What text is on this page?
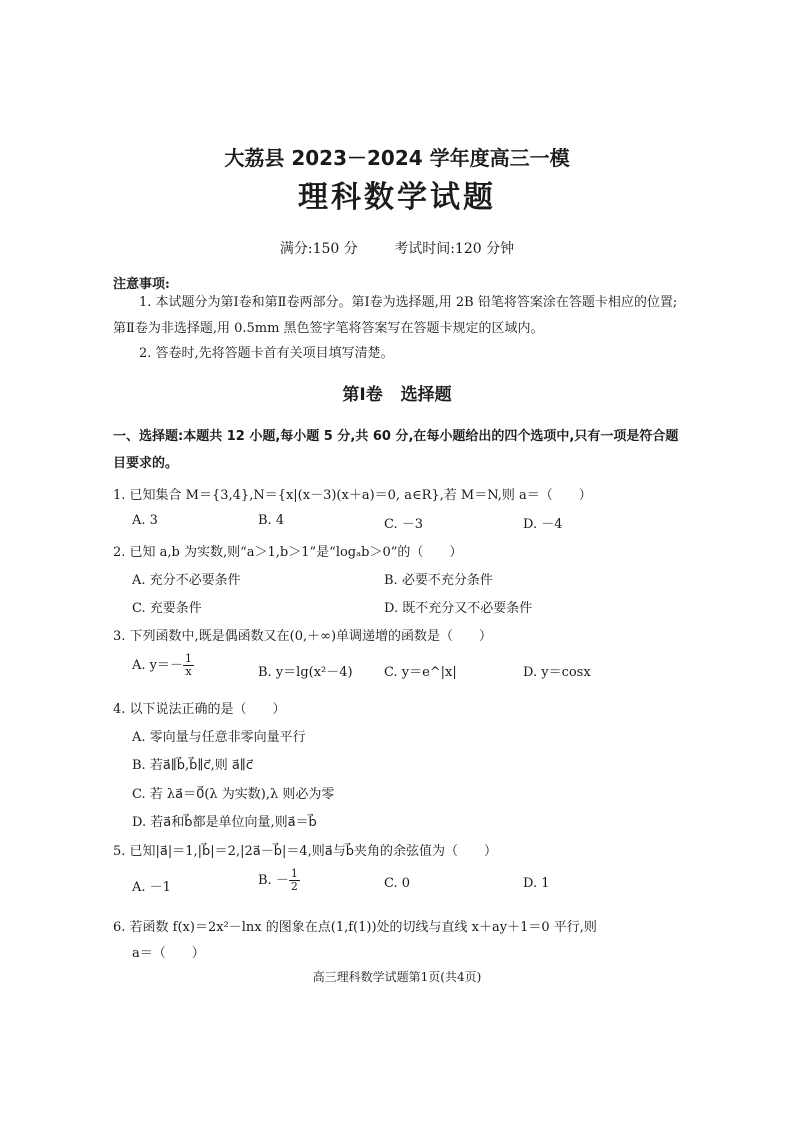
大荔县 2023－2024 学年度高三一模
理科数学试题
满分:150 分	考试时间:120 分钟
注意事项:
1. 本试题分为第Ⅰ卷和第Ⅱ卷两部分。第Ⅰ卷为选择题,用 2B 铅笔将答案涂在答题卡相应的位置;第Ⅱ卷为非选择题,用 0.5mm 黑色签字笔将答案写在答题卡规定的区域内。
2. 答卷时,先将答题卡首有关项目填写清楚。
第Ⅰ卷 选择题
一、选择题:本题共 12 小题,每小题 5 分,共 60 分,在每小题给出的四个选项中,只有一项是符合题目要求的。
1. 已知集合 M＝{3,4},N＝{x|(x－3)(x＋a)＝0, a∈R},若 M＝N,则 a＝（　　）
A. 3	B. 4	C. －3	D. －4
2. 已知 a,b 为实数,则“a＞1,b＞1”是“logₐb＞0”的（　　）
A. 充分不必要条件	B. 必要不充分条件
C. 充要条件	D. 既不充分又不必要条件
3. 下列函数中,既是偶函数又在(0,＋∞)单调递增的函数是（　　）
A. $y=- \frac{1}{x}$	B. y＝lg(x²－4) C. y＝e^|x|	D. y＝cosx
4. 以下说法正确的是（　　）
A. 零向量与任意非零向量平行
B. 若a⃗∥b⃗,b⃗∥c⃗,则 a⃗∥c⃗
C. 若 λa⃗＝0⃗(λ 为实数),λ 则必为零
D. 若a⃗和b⃗都是单位向量,则a⃗＝b⃗
5. 已知|a⃗|＝1,|b⃗|＝2,|2a⃗－b⃗|＝4,则a⃗与b⃗夹角的余弦值为（　　）
A. －1	B. － $\frac{1}{2}$	C. 0	D. 1
6. 若函数 f(x)＝2x²－lnx 的图象在点(1,f(1))处的切线与直线 x＋ay＋1＝0 平行,则
a＝（　　）
高三理科数学试题第1页(共4页)
